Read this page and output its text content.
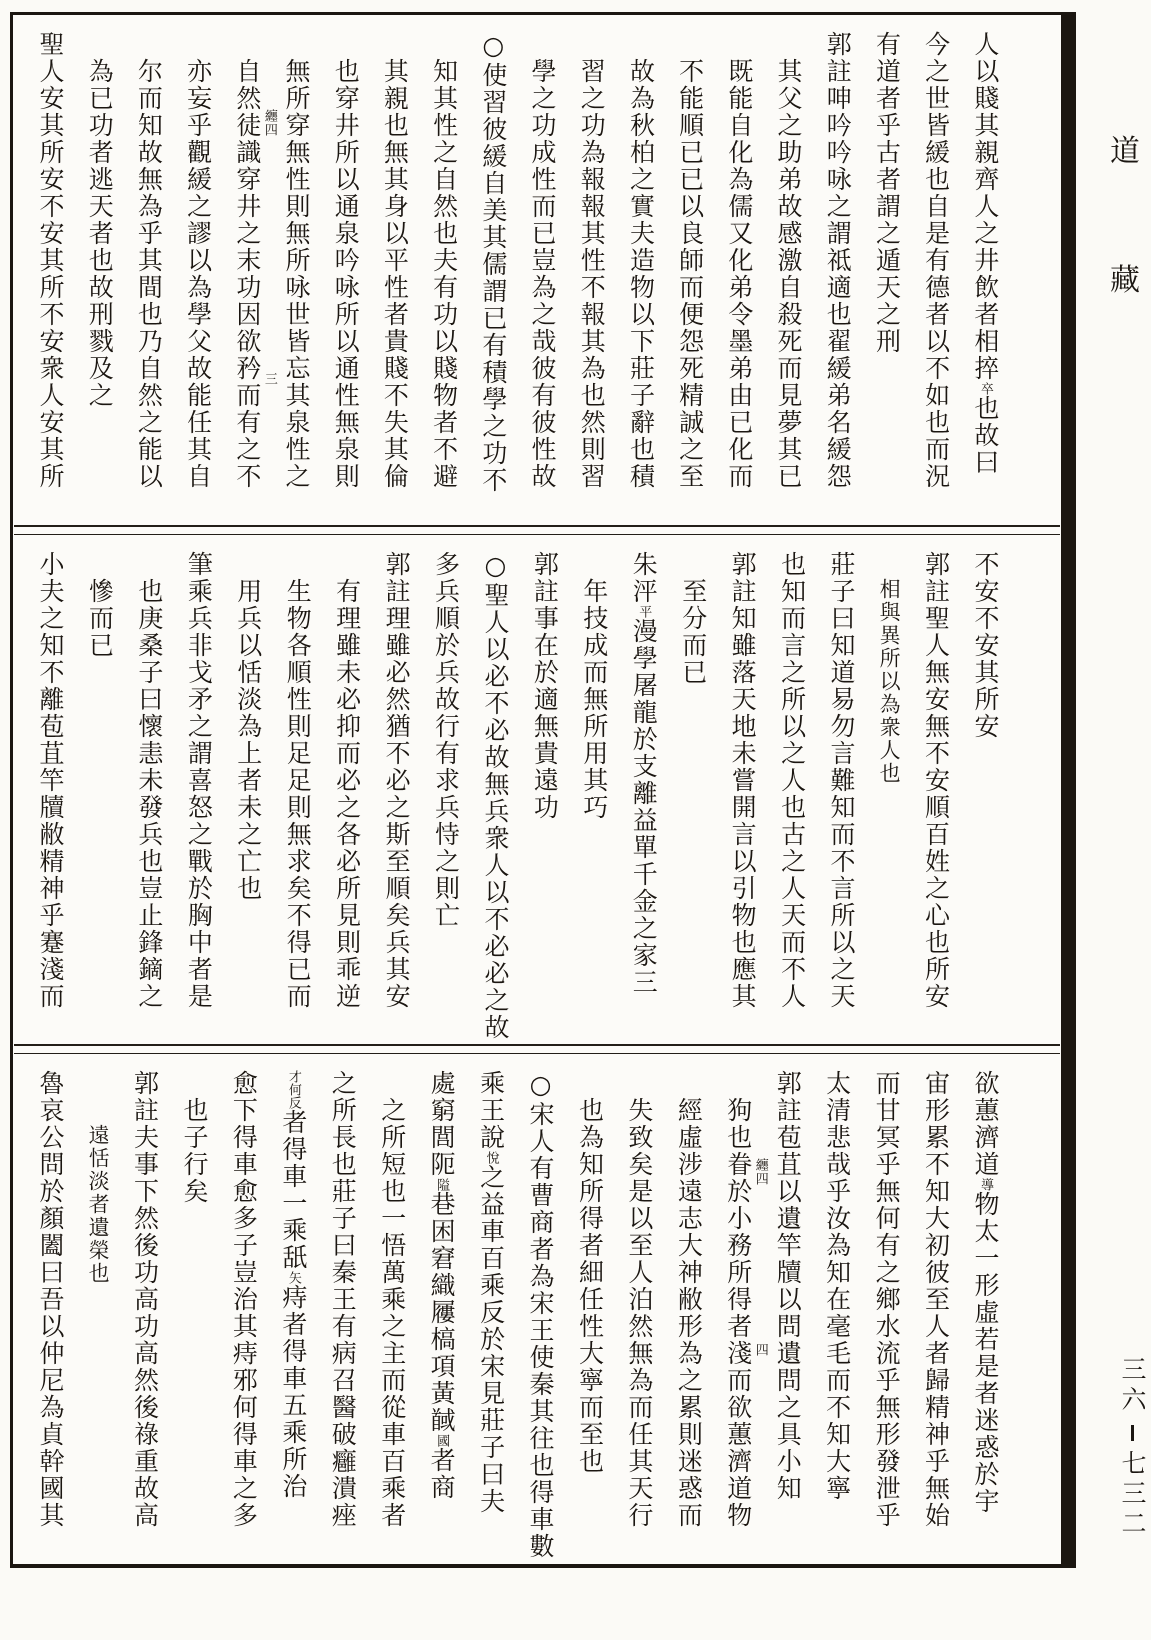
人以賤其親齊人之井飲者相捽卒也故曰
今之世皆緩也自是有德者以不如也而況
有道者乎古者謂之遁天之刑
郭註呻吟吟咏之謂祗適也翟緩弟名緩怨
其父之助弟故感激自殺死而見夢其已
既能自化為儒又化弟令墨弟由已化而
不能順已已以良師而便怨死精誠之至
故為秋柏之實夫造物以下莊子辭也積
習之功為報報其性不報其為也然則習
學之功成性而已豈為之哉彼有彼性故
○使習彼緩自美其儒謂已有積學之功不
知其性之自然也夫有功以賤物者不避
其親也無其身以平性者貴賤不失其倫
也穿井所以通泉吟咏所以通性無泉則
無所穿無性則無所咏世皆忘其泉性之
自然徒識穿井之末功因欲矜而有之不 纏四
三
亦妄乎觀緩之謬以為學父故能任其自
尔而知故無為乎其間也乃自然之能以
為已功者逃天者也故刑戮及之
聖人安其所安不安其所不安衆人安其所
不安不安其所安
郭註聖人無安無不安順百姓之心也所安
相與異所以為衆人也
莊子曰知道易勿言難知而不言所以之天
也知而言之所以之人也古之人天而不人
郭註知雖落天地未嘗開言以引物也應其
至分而已
朱泙平漫學屠龍於支離益單千金之家三
年技成而無所用其巧
郭註事在於適無貴遠功
○聖人以必不必故無兵衆人以不必必之故
多兵順於兵故行有求兵恃之則亡
郭註理雖必然猶不必之斯至順矣兵其安
有理雖未必抑而必之各必所見則乖逆
生物各順性則足足則無求矣不得已而
用兵以恬淡為上者未之亡也
筆乘兵非戈矛之謂喜怒之戰於胸中者是
也庚桑子曰懷恚未發兵也豈止鋒鏑之
慘而已
小夫之知不離苞苴竿牘敝精神乎蹇淺而
欲蕙濟道導物太一形虛若是者迷惑於宇
宙形累不知大初彼至人者歸精神乎無始
而甘冥乎無何有之鄉水流乎無形發泄乎
太清悲哉乎汝為知在毫毛而不知大寧
郭註苞苴以遺竿牘以問遺問之具小知
狗也眷於小務所得者淺而欲蕙濟道物 纏四
四
經虛涉遠志大神敝形為之累則迷惑而
失致矣是以至人泊然無為而任其天行
也為知所得者細任性大寧而至也
○宋人有曹商者為宋王使秦其往也得車數
乘王說悅之益車百乘反於宋見莊子曰夫
處窮閭阨隘巷困窘織屨槁項黃馘國者商
之所短也一悟萬乘之主而從車百乘者
之所長也莊子曰秦王有病召醫破癰潰痤
才何反者得車一乘舐矢痔者得車五乘所治
愈下得車愈多子豈治其痔邪何得車之多
也子行矣
郭註夫事下然後功高功高然後祿重故高
遠恬淡者遺榮也
魯哀公問於顏闔曰吾以仲尼為貞幹國其
道
藏
三六七三二
